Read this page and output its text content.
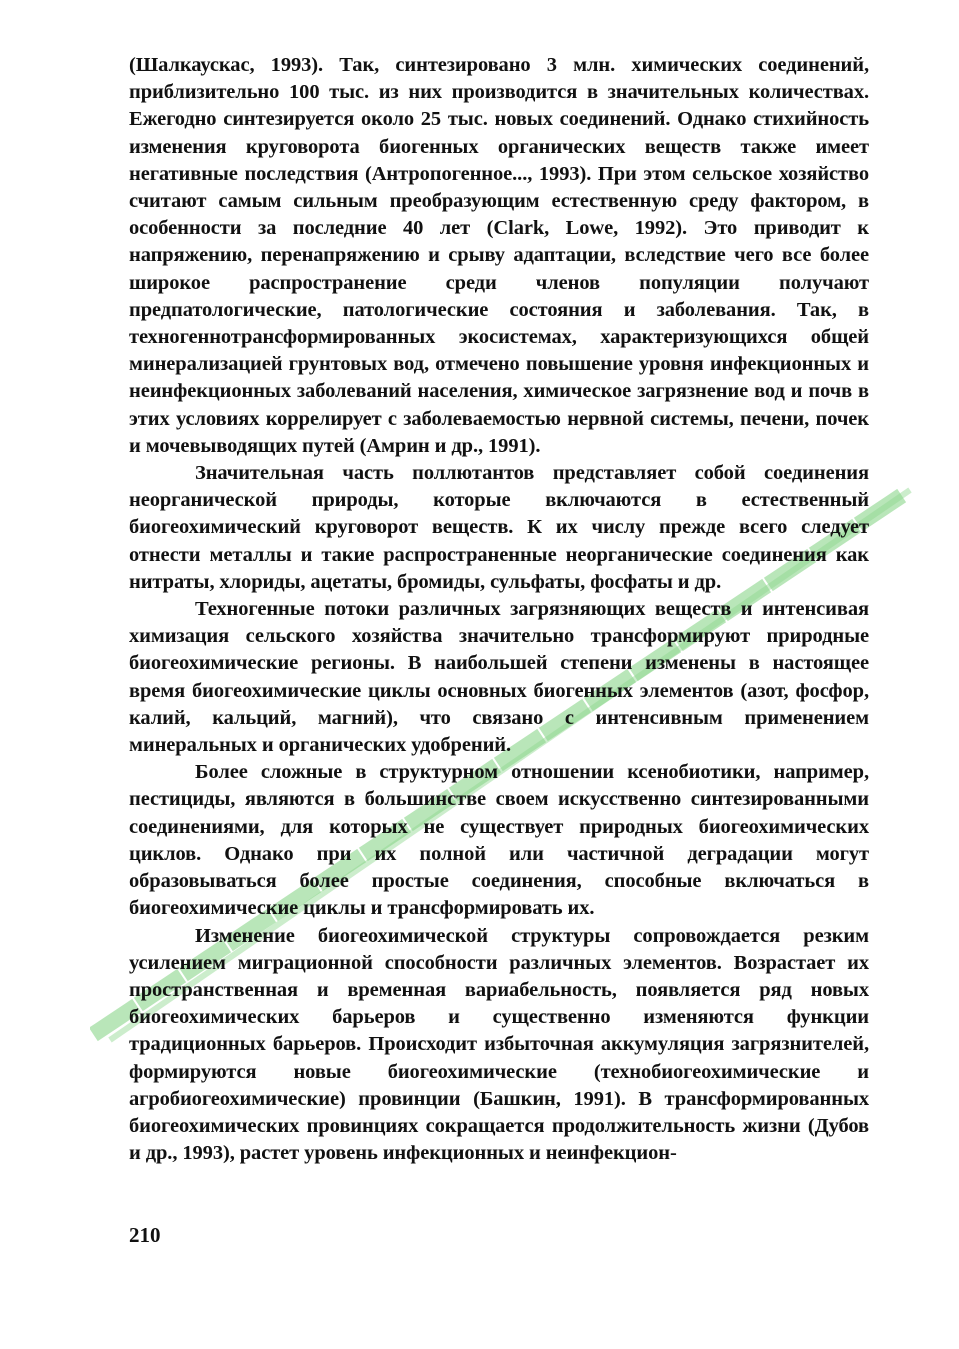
(Шалкаускас, 1993). Так, синтезировано 3 млн. химических соединений, приблизительно 100 тыс. из них производится в значительных количествах. Ежегодно синтезируется около 25 тыс. новых соединений. Однако стихийность изменения круговорота биогенных органических веществ также имеет негативные последствия (Антропогенное..., 1993). При этом сельское хозяйство считают самым сильным преобразующим естественную среду фактором, в особенности за последние 40 лет (Clark, Lowe, 1992). Это приводит к напряжению, перенапряжению и срыву адаптации, вследствие чего все более широкое распространение среди членов популяции получают предпатологические, патологические состояния и заболевания. Так, в техногеннотрансформированных экосистемах, характеризующихся общей минерализацией грунтовых вод, отмечено повышение уровня инфекционных и неинфекционных заболеваний населения, химическое загрязнение вод и почв в этих условиях коррелирует с заболеваемостью нервной системы, печени, почек и мочевыводящих путей (Амрин и др., 1991).

Значительная часть поллютантов представляет собой соединения неорганической природы, которые включаются в естественный биогеохимический круговорот веществ. К их числу прежде всего следует отнести металлы и такие распространенные неорганические соединения как нитраты, хлориды, ацетаты, бромиды, сульфаты, фосфаты и др.

Техногенные потоки различных загрязняющих веществ и интенсивая химизация сельского хозяйства значительно трансформируют природные биогеохимические регионы. В наибольшей степени изменены в настоящее время биогеохимические циклы основных биогенных элементов (азот, фосфор, калий, кальций, магний), что связано с интенсивным применением минеральных и органических удобрений.

Более сложные в структурном отношении ксенобиотики, например, пестициды, являются в большинстве своем искусственно синтезированными соединениями, для которых не существует природных биогеохимических циклов. Однако при их полной или частичной деградации могут образовываться более простые соединения, способные включаться в биогеохимические циклы и трансформировать их.

Изменение биогеохимической структуры сопровождается резким усилением миграционной способности различных элементов. Возрастает их пространственная и временная вариабельность, появляется ряд новых биогеохимических барьеров и существенно изменяются функции традиционных барьеров. Происходит избыточная аккумуляция загрязнителей, формируются новые биогеохимические (технобиогеохимические и агробиогеохимические) провинции (Башкин, 1991). В трансформированных биогеохимических провинциях сокращается продолжительность жизни (Дубов и др., 1993), растет уровень инфекционных и неинфекцион-

210
